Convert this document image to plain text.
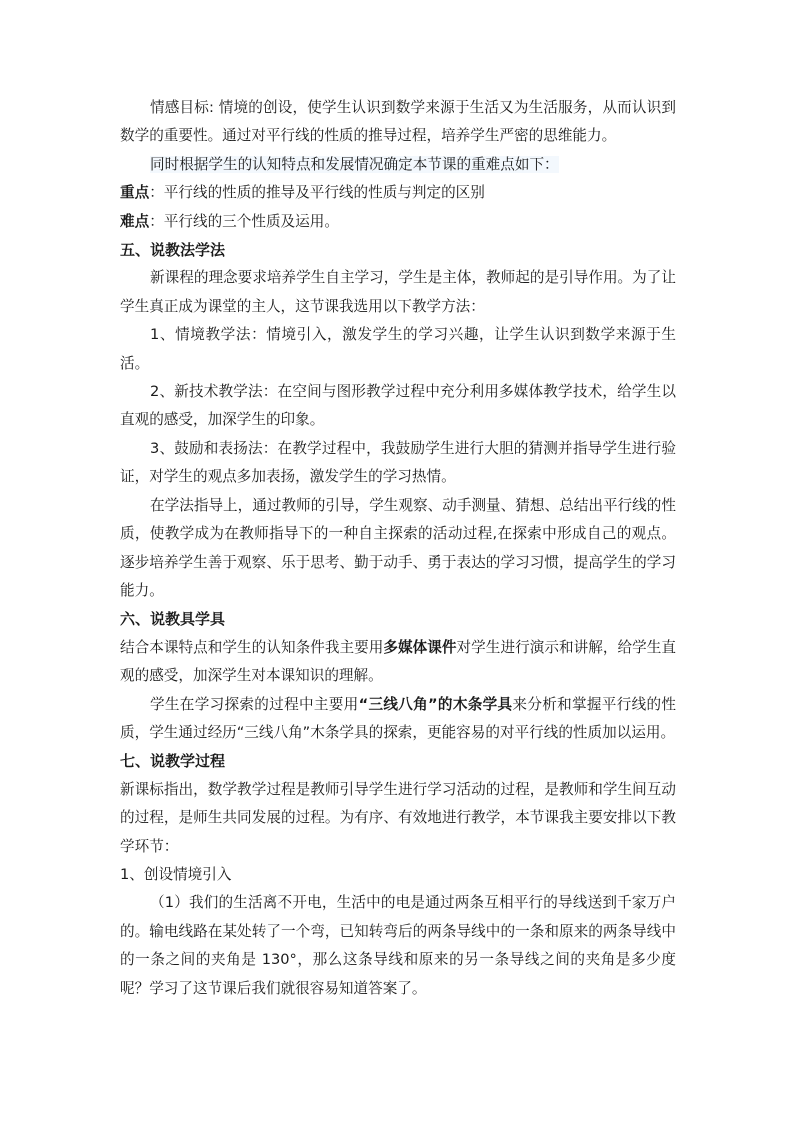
情感目标: 情境的创设，使学生认识到数学来源于生活又为生活服务，从而认识到数学的重要性。通过对平行线的性质的推导过程，培养学生严密的思维能力。

同时根据学生的认知特点和发展情况确定本节课的重难点如下：

重点：平行线的性质的推导及平行线的性质与判定的区别

难点：平行线的三个性质及运用。

五、说教法学法

新课程的理念要求培养学生自主学习，学生是主体，教师起的是引导作用。为了让学生真正成为课堂的主人，这节课我选用以下教学方法：

1、情境教学法：情境引入，激发学生的学习兴趣，让学生认识到数学来源于生活。

2、新技术教学法：在空间与图形教学过程中充分利用多媒体教学技术，给学生以直观的感受，加深学生的印象。

3、鼓励和表扬法：在教学过程中，我鼓励学生进行大胆的猜测并指导学生进行验证，对学生的观点多加表扬，激发学生的学习热情。

在学法指导上，通过教师的引导，学生观察、动手测量、猜想、总结出平行线的性质，使教学成为在教师指导下的一种自主探索的活动过程,在探索中形成自己的观点。逐步培养学生善于观察、乐于思考、勤于动手、勇于表达的学习习惯，提高学生的学习能力。

六、说教具学具

结合本课特点和学生的认知条件我主要用多媒体课件对学生进行演示和讲解，给学生直观的感受，加深学生对本课知识的理解。

学生在学习探索的过程中主要用“三线八角”的木条学具来分析和掌握平行线的性质，学生通过经历“三线八角”木条学具的探索，更能容易的对平行线的性质加以运用。

七、说教学过程

新课标指出，数学教学过程是教师引导学生进行学习活动的过程，是教师和学生间互动的过程，是师生共同发展的过程。为有序、有效地进行教学，本节课我主要安排以下教学环节：

1、创设情境引入

（1）我们的生活离不开电，生活中的电是通过两条互相平行的导线送到千家万户的。输电线路在某处转了一个弯，已知转弯后的两条导线中的一条和原来的两条导线中的一条之间的夹角是 130°，那么这条导线和原来的另一条导线之间的夹角是多少度呢？学习了这节课后我们就很容易知道答案了。
